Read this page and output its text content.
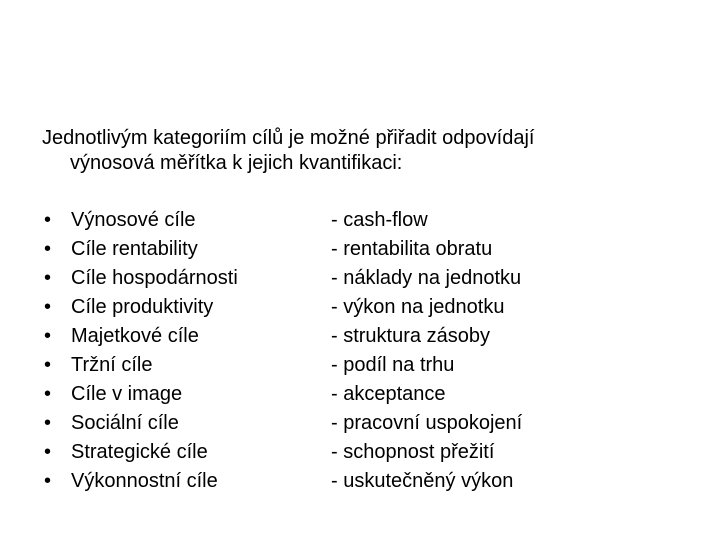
Jednotlivým kategoriím cílů je možné přiřadit odpovídají
výnosová měřítka k jejich kvantifikaci:
• Výnosové cíle	- cash-flow
• Cíle rentability	- rentabilita obratu
• Cíle hospodárnosti	- náklady na jednotku
• Cíle produktivity	- výkon na jednotku
• Majetkové cíle	- struktura zásoby
• Tržní cíle	- podíl na trhu
• Cíle v image	- akceptance
• Sociální cíle	- pracovní uspokojení
• Strategické cíle	- schopnost přežití
• Výkonnostní cíle	- uskutečněný výkon
